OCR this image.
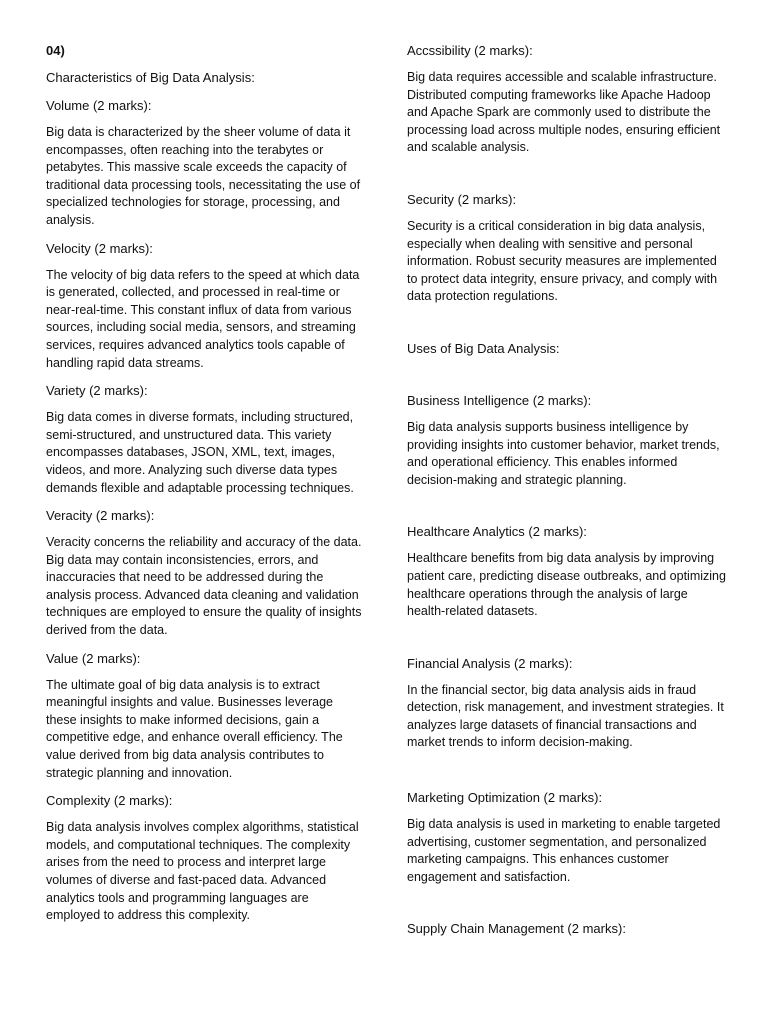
04)

Characteristics of Big Data Analysis:

Volume (2 marks):

Big data is characterized by the sheer volume of data it encompasses, often reaching into the terabytes or petabytes. This massive scale exceeds the capacity of traditional data processing tools, necessitating the use of specialized technologies for storage, processing, and analysis.

Velocity (2 marks):

The velocity of big data refers to the speed at which data is generated, collected, and processed in real-time or near-real-time. This constant influx of data from various sources, including social media, sensors, and streaming services, requires advanced analytics tools capable of handling rapid data streams.

Variety (2 marks):

Big data comes in diverse formats, including structured, semi-structured, and unstructured data. This variety encompasses databases, JSON, XML, text, images, videos, and more. Analyzing such diverse data types demands flexible and adaptable processing techniques.

Veracity (2 marks):

Veracity concerns the reliability and accuracy of the data. Big data may contain inconsistencies, errors, and inaccuracies that need to be addressed during the analysis process. Advanced data cleaning and validation techniques are employed to ensure the quality of insights derived from the data.

Value (2 marks):

The ultimate goal of big data analysis is to extract meaningful insights and value. Businesses leverage these insights to make informed decisions, gain a competitive edge, and enhance overall efficiency. The value derived from big data analysis contributes to strategic planning and innovation.

Complexity (2 marks):

Big data analysis involves complex algorithms, statistical models, and computational techniques. The complexity arises from the need to process and interpret large volumes of diverse and fast-paced data. Advanced analytics tools and programming languages are employed to address this complexity.

Accssibility (2 marks):

Big data requires accessible and scalable infrastructure. Distributed computing frameworks like Apache Hadoop and Apache Spark are commonly used to distribute the processing load across multiple nodes, ensuring efficient and scalable analysis.

Security (2 marks):

Security is a critical consideration in big data analysis, especially when dealing with sensitive and personal information. Robust security measures are implemented to protect data integrity, ensure privacy, and comply with data protection regulations.

Uses of Big Data Analysis:

Business Intelligence (2 marks):

Big data analysis supports business intelligence by providing insights into customer behavior, market trends, and operational efficiency. This enables informed decision-making and strategic planning.

Healthcare Analytics (2 marks):

Healthcare benefits from big data analysis by improving patient care, predicting disease outbreaks, and optimizing healthcare operations through the analysis of large health-related datasets.

Financial Analysis (2 marks):

In the financial sector, big data analysis aids in fraud detection, risk management, and investment strategies. It analyzes large datasets of financial transactions and market trends to inform decision-making.

Marketing Optimization (2 marks):

Big data analysis is used in marketing to enable targeted advertising, customer segmentation, and personalized marketing campaigns. This enhances customer engagement and satisfaction.

Supply Chain Management (2 marks):
